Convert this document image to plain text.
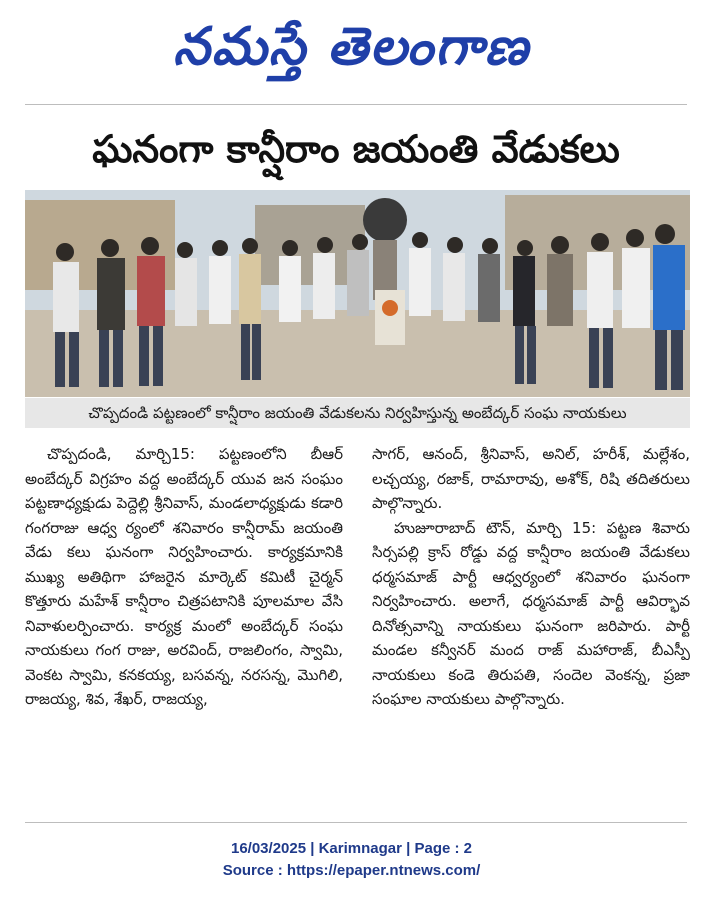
నమస్తే తెలంగాణ
ఘనంగా కాన్షీరాం జయంతి వేడుకలు
చొప్పదండి పట్టణంలో కాన్షీరాం జయంతి వేడుకలను నిర్వహిస్తున్న అంబేద్కర్ సంఘ నాయకులు

చొప్పదండి, మార్చి15: పట్టణంలోని బీఆర్ అంబేద్కర్ విగ్రహం వద్ద అంబేద్కర్ యువ జన సంఘం పట్టణాధ్యక్షుడు పెద్దెల్లి శ్రీనివాస్, మండలాధ్యక్షుడు కడారి గంగరాజు ఆధ్వ ర్యంలో శనివారం కాన్షీరామ్ జయంతి వేడు కలు ఘనంగా నిర్వహించారు. కార్యక్రమానికి ముఖ్య అతిథిగా హాజరైన మార్కెట్ కమిటీ చైర్మన్ కొత్తూరు మహేశ్ కాన్షీరాం చిత్రపటానికి పూలమాల వేసి నివాళులర్పించారు. కార్యక్ర మంలో అంబేద్కర్ సంఘ నాయకులు గంగ రాజు, అరవింద్, రాజలింగం, స్వామి, వెంకట స్వామి, కనకయ్య, బసవన్న, నరసన్న, మొగిలి, రాజయ్య, శివ, శేఖర్, రాజయ్య,

సాగర్, ఆనంద్, శ్రీనివాస్, అనిల్, హరీశ్, మల్లేశం, లచ్చయ్య, రజాక్, రామారావు, అశోక్, రిషి తదితరులు పాల్గొన్నారు.

హుజూరాబాద్ టౌన్, మార్చి 15: పట్టణ శివారు సిర్సపల్లి క్రాస్ రోడ్డు వద్ద కాన్షీరాం జయంతి వేడుకలు ధర్మసమాజ్ పార్టీ ఆధ్వర్యంలో శనివారం ఘనంగా నిర్వహించారు. అలాగే, ధర్మసమాజ్ పార్టీ ఆవిర్భావ దినోత్సవాన్ని నాయకులు ఘనంగా జరిపారు. పార్టీ మండల కన్వీనర్ మంద రాజ్ మహారాజ్, బీఎస్పీ నాయకులు కండె తిరుపతి, సందెల వెంకన్న, ప్రజా సంఘాల నాయకులు పాల్గొన్నారు.

16/03/2025 | Karimnagar | Page : 2
Source : https://epaper.ntnews.com/
